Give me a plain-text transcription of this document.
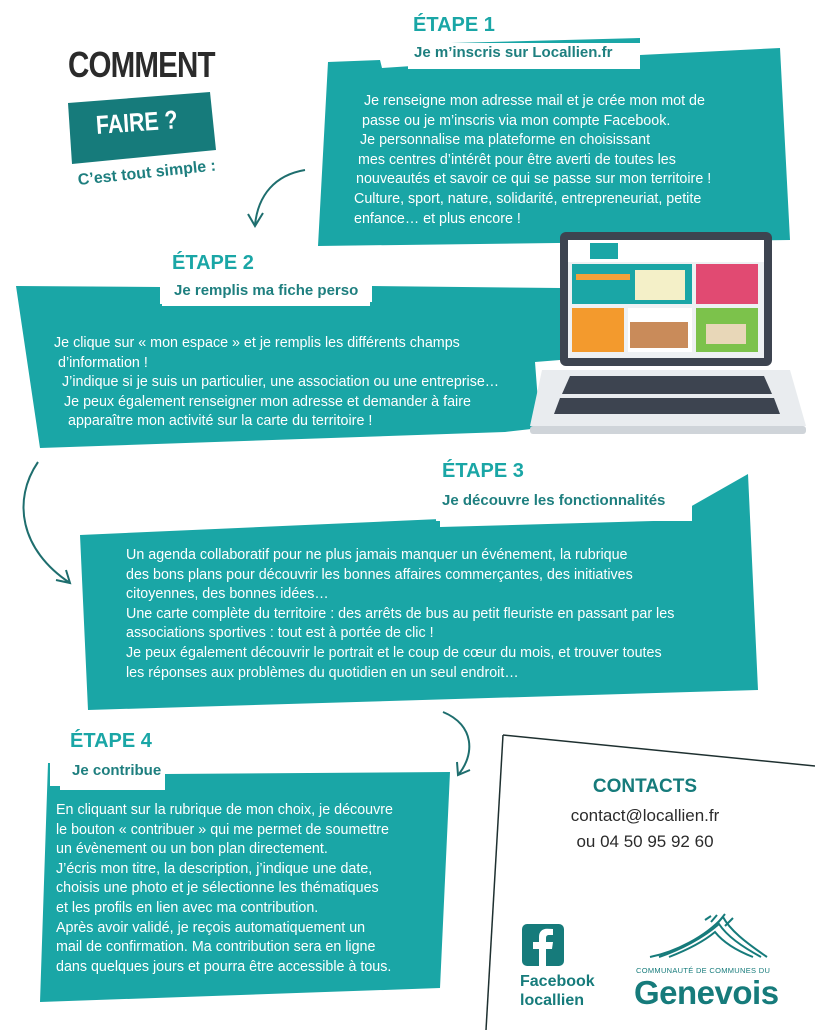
COMMENT
FAIRE ?
C’est tout simple :
ÉTAPE 1
Je m’inscris sur Locallien.fr
Je renseigne mon adresse mail et je crée mon mot de
passe ou je m’inscris via mon compte Facebook.
Je personnalise ma plateforme en choisissant
mes centres d’intérêt pour être averti de toutes les
nouveautés et savoir ce qui se passe sur mon territoire !
Culture, sport, nature, solidarité, entrepreneuriat, petite
enfance… et plus encore !
ÉTAPE 2
Je remplis ma fiche perso
Je clique sur « mon espace » et je remplis les différents champs
d’information !
J’indique si je suis un particulier, une association ou une entreprise…
Je peux également renseigner mon adresse et demander à faire
apparaître mon activité sur la carte du territoire !
ÉTAPE 3
Je découvre les fonctionnalités
Un agenda collaboratif pour ne plus jamais manquer un événement, la rubrique
des bons plans pour découvrir les bonnes affaires commerçantes, des initiatives
citoyennes, des bonnes idées…
Une carte complète du territoire : des arrêts de bus au petit fleuriste en passant par les
associations sportives : tout est à portée de clic !
Je peux également découvrir le portrait et le coup de cœur du mois, et trouver toutes
les réponses aux problèmes du quotidien en un seul endroit…
ÉTAPE 4
Je contribue
En cliquant sur la rubrique de mon choix, je découvre
le bouton « contribuer » qui me permet de soumettre
un évènement ou un bon plan directement.
J’écris mon titre, la description, j’indique une date,
choisis une photo et je sélectionne les thématiques
et les profils en lien avec ma contribution.
Après avoir validé, je reçois automatiquement un
mail de confirmation. Ma contribution sera en ligne
dans quelques jours et pourra être accessible à tous.
CONTACTS
contact@locallien.fr
ou 04 50 95 92 60
Facebook
locallien
COMMUNAUTÉ DE COMMUNES DU
Genevois
